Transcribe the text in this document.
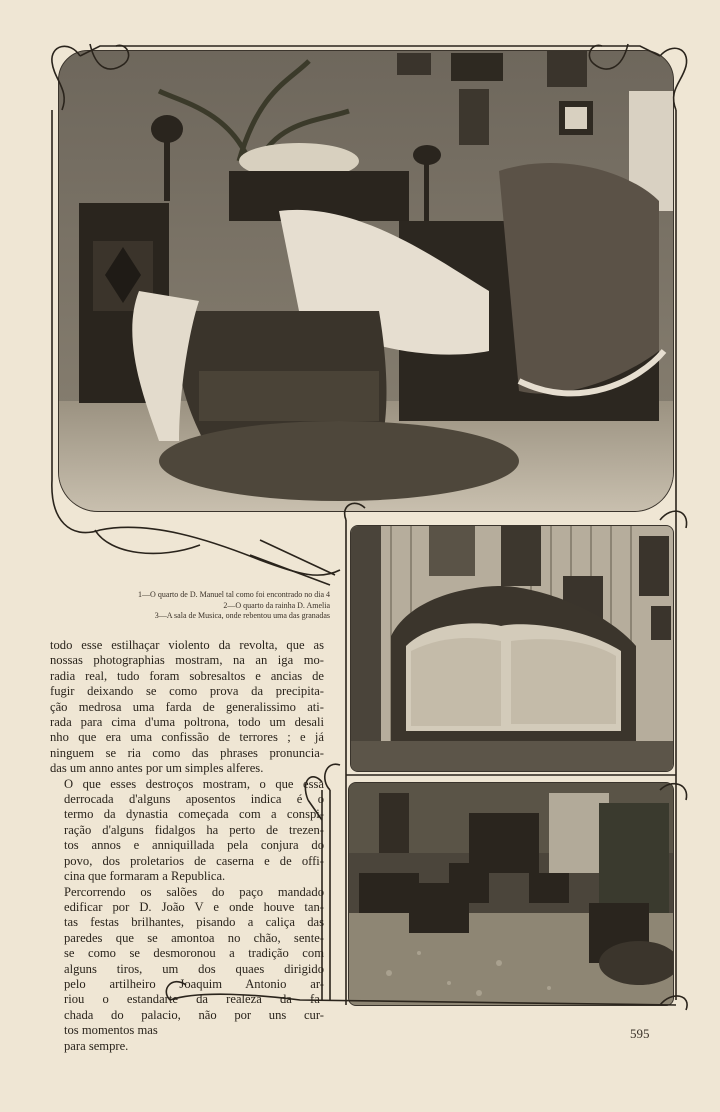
1—O quarto de D. Manuel tal como foi encontrado no dia 4
2—O quarto da rainha D. Amelia
3—A sala de Musica, onde rebentou uma das granadas

todo esse estilhaçar violento da revolta, que as
nossas photographias mostram, na an iga mo-
radia real, tudo foram sobresaltos e ancias de
fugir deixando se como prova da precipita-
ção medrosa uma farda de generalissimo ati-
rada para cima d'uma poltrona, todo um desali
nho que era uma confissão de terrores ; e já
ninguem se ria como das phrases pronuncia-
das um anno antes por um simples alferes.

O que esses destroços mostram, o que essa
derrocada d'alguns aposentos indica é o
termo da dynastia começada com a conspi-
ração d'alguns fidalgos ha perto de trezen-
tos annos e anniquillada pela conjura do
povo, dos proletarios de caserna e de offi-
cina que formaram a Republica.

Percorrendo os salões do paço mandado
edificar por D. João V e onde houve tan-
tas festas brilhantes, pisando a caliça das
paredes que se amontoa no chão, sente-
se como se desmoronou a tradição com
alguns tiros, um dos quaes dirigido
pelo artilheiro Joaquim Antonio ar-
riou o estandarte da realeza da fa-
chada do palacio, não por uns cur-
tos momentos mas
para sempre.

595
